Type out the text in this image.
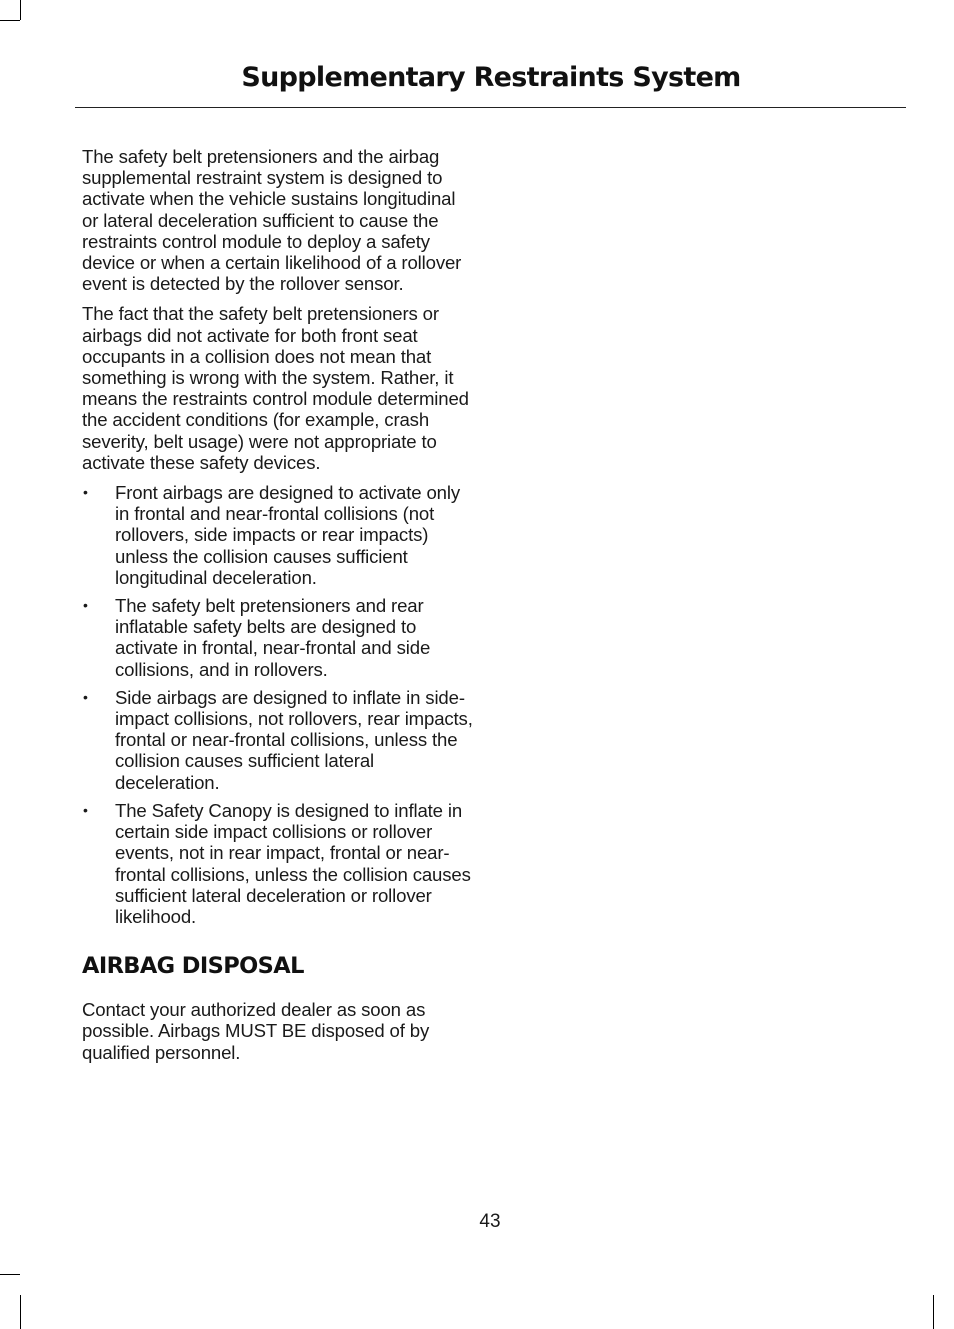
Supplementary Restraints System

The safety belt pretensioners and the airbag supplemental restraint system is designed to activate when the vehicle sustains longitudinal or lateral deceleration sufficient to cause the restraints control module to deploy a safety device or when a certain likelihood of a rollover event is detected by the rollover sensor.

The fact that the safety belt pretensioners or airbags did not activate for both front seat occupants in a collision does not mean that something is wrong with the system. Rather, it means the restraints control module determined the accident conditions (for example, crash severity, belt usage) were not appropriate to activate these safety devices.

• Front airbags are designed to activate only in frontal and near-frontal collisions (not rollovers, side impacts or rear impacts) unless the collision causes sufficient longitudinal deceleration.
• The safety belt pretensioners and rear inflatable safety belts are designed to activate in frontal, near-frontal and side collisions, and in rollovers.
• Side airbags are designed to inflate in side-impact collisions, not rollovers, rear impacts, frontal or near-frontal collisions, unless the collision causes sufficient lateral deceleration.
• The Safety Canopy is designed to inflate in certain side impact collisions or rollover events, not in rear impact, frontal or near-frontal collisions, unless the collision causes sufficient lateral deceleration or rollover likelihood.
AIRBAG DISPOSAL

Contact your authorized dealer as soon as possible. Airbags MUST BE disposed of by qualified personnel.

43
